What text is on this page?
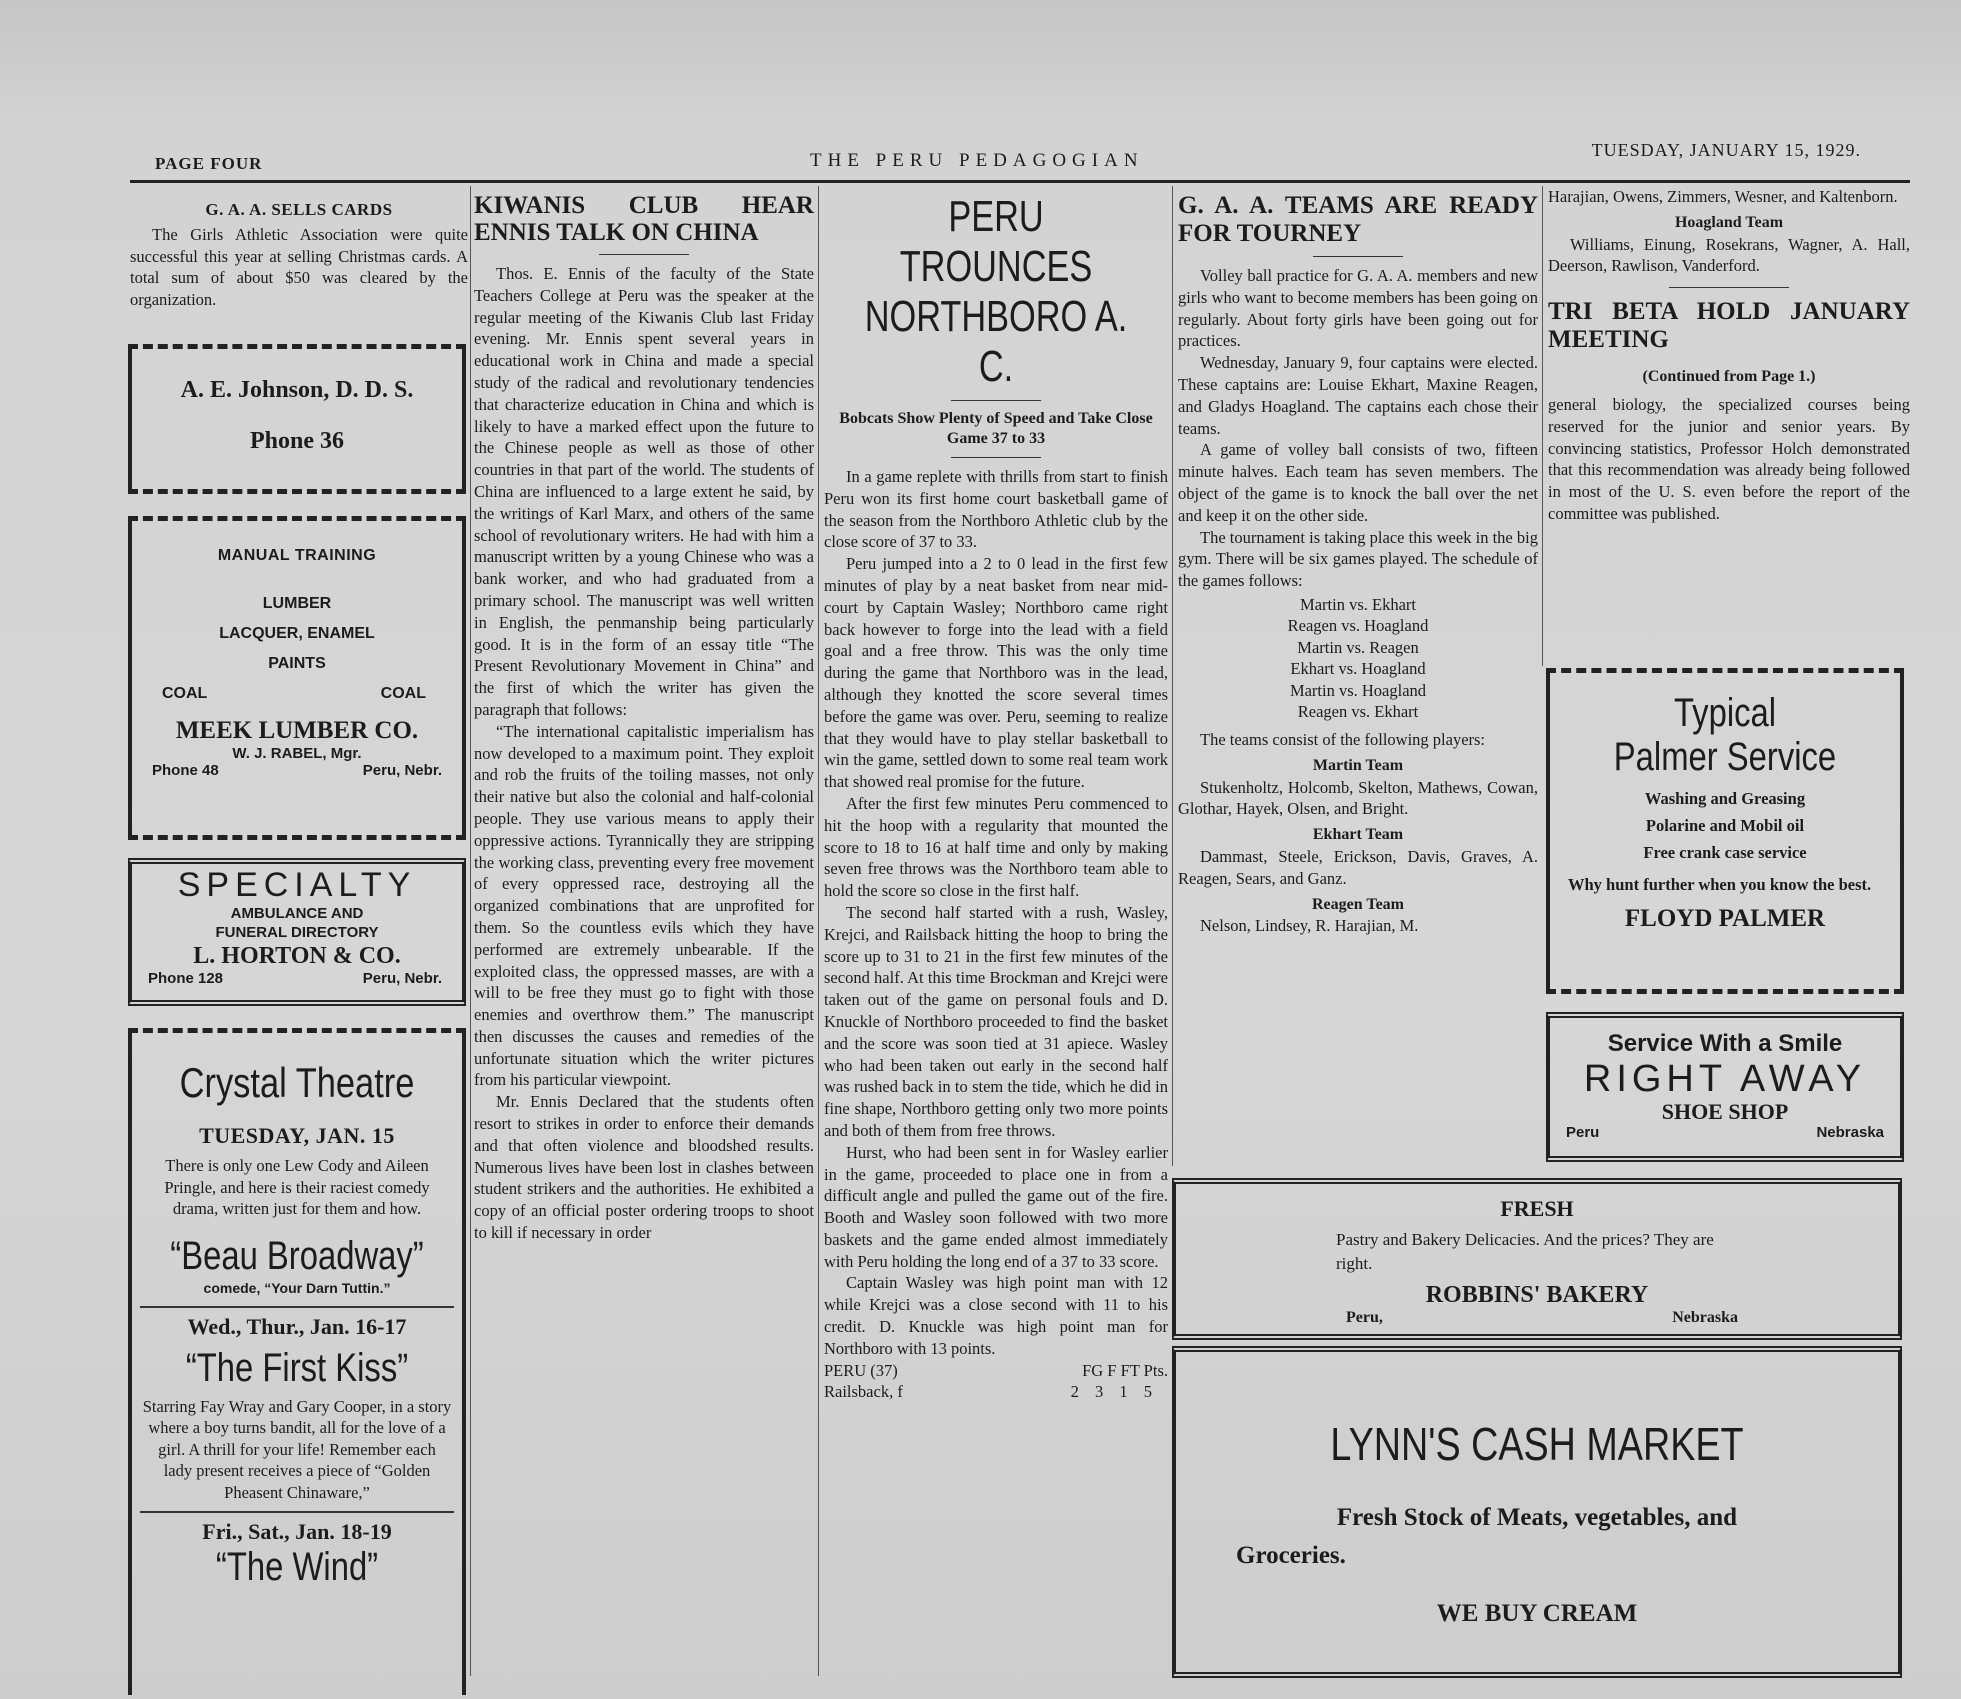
PAGE FOUR	THE PERU PEDAGOGIAN	TUESDAY, JANUARY 15, 1929.
G. A. A. SELLS CARDS

The Girls Athletic Association were quite successful this year at selling Christmas cards. A total sum of about $50 was cleared by the organization.

A. E. Johnson, D. D. S.
Phone 36
MANUAL TRAINING
LUMBER
LACQUER, ENAMEL
PAINTS
COAL	COAL
MEEK LUMBER CO.
W. J. RABEL, Mgr.
Phone 48	Peru, Nebr.
SPECIALTY
AMBULANCE AND
FUNERAL DIRECTORY
L. HORTON & CO.
Phone 128	Peru, Nebr.
Crystal Theatre
TUESDAY, JAN. 15
There is only one Lew Cody and Aileen Pringle, and here is their raciest comedy drama, written just for them and how.
“Beau Broadway”
comede, “Your Darn Tuttin.”
Wed., Thur., Jan. 16-17
“The First Kiss”
Starring Fay Wray and Gary Cooper, in a story where a boy turns bandit, all for the love of a girl. A thrill for your life! Remember each lady present receives a piece of “Golden Pheasent Chinaware,”
Fri., Sat., Jan. 18-19
“The Wind”
KIWANIS CLUB HEAR ENNIS TALK ON CHINA

Thos. E. Ennis of the faculty of the State Teachers College at Peru was the speaker at the regular meeting of the Kiwanis Club last Friday evening. Mr. Ennis spent several years in educational work in China and made a special study of the radical and revolutionary tendencies that characterize education in China and which is likely to have a marked effect upon the future to the Chinese people as well as those of other countries in that part of the world. The students of China are influenced to a large extent he said, by the writings of Karl Marx, and others of the same school of revolutionary writers. He had with him a manuscript written by a young Chinese who was a bank worker, and who had graduated from a primary school. The manuscript was well written in English, the penmanship being particularly good. It is in the form of an essay title “The Present Revolutionary Movement in China” and the first of which the writer has given the paragraph that follows:

“The international capitalistic imperialism has now developed to a maximum point. They exploit and rob the fruits of the toiling masses, not only their native but also the colonial and half-colonial people. They use various means to apply their oppressive actions. Tyrannically they are stripping the working class, preventing every free movement of every oppressed race, destroying all the organized combinations that are unprofited for them. So the countless evils which they have performed are extremely unbearable. If the exploited class, the oppressed masses, are with a will to be free they must go to fight with those enemies and overthrow them.” The manuscript then discusses the causes and remedies of the unfortunate situation which the writer pictures from his particular viewpoint.

Mr. Ennis Declared that the students often resort to strikes in order to enforce their demands and that often violence and bloodshed results. Numerous lives have been lost in clashes between student strikers and the authorities. He exhibited a copy of an official poster ordering troops to shoot to kill if necessary in order

PERU TROUNCES NORTHBORO A. C.
Bobcats Show Plenty of Speed and Take Close Game 37 to 33

In a game replete with thrills from start to finish Peru won its first home court basketball game of the season from the Northboro Athletic club by the close score of 37 to 33.

Peru jumped into a 2 to 0 lead in the first few minutes of play by a neat basket from near mid-court by Captain Wasley; Northboro came right back however to forge into the lead with a field goal and a free throw. This was the only time during the game that Northboro was in the lead, although they knotted the score several times before the game was over. Peru, seeming to realize that they would have to play stellar basketball to win the game, settled down to some real team work that showed real promise for the future.

After the first few minutes Peru commenced to hit the hoop with a regularity that mounted the score to 18 to 16 at half time and only by making seven free throws was the Northboro team able to hold the score so close in the first half.

The second half started with a rush, Wasley, Krejci, and Railsback hitting the hoop to bring the score up to 31 to 21 in the first few minutes of the second half. At this time Brockman and Krejci were taken out of the game on personal fouls and D. Knuckle of Northboro proceeded to find the basket and the score was soon tied at 31 apiece. Wasley who had been taken out early in the second half was rushed back in to stem the tide, which he did in fine shape, Northboro getting only two more points and both of them from free throws.

Hurst, who had been sent in for Wasley earlier in the game, proceeded to place one in from a difficult angle and pulled the game out of the fire. Booth and Wasley soon followed with two more baskets and the game ended almost immediately with Peru holding the long end of a 37 to 33 score.

Captain Wasley was high point man with 12 while Krejci was a close second with 11 to his credit. D. Knuckle was high point man for Northboro with 13 points.

PERU (37)	FG F FT Pts.
Railsback, f	2 3 1 5
G. A. A. TEAMS ARE READY FOR TOURNEY

Volley ball practice for G. A. A. members and new girls who want to become members has been going on regularly. About forty girls have been going out for practices.

Wednesday, January 9, four captains were elected. These captains are: Louise Ekhart, Maxine Reagen, and Gladys Hoagland. The captains each chose their teams.

A game of volley ball consists of two, fifteen minute halves. Each team has seven members. The object of the game is to knock the ball over the net and keep it on the other side.

The tournament is taking place this week in the big gym. There will be six games played. The schedule of the games follows:

Martin vs. Ekhart
Reagen vs. Hoagland
Martin vs. Reagen
Ekhart vs. Hoagland
Martin vs. Hoagland
Reagen vs. Ekhart

The teams consist of the following players:

Martin Team

Stukenholtz, Holcomb, Skelton, Mathews, Cowan, Glothar, Hayek, Olsen, and Bright.

Ekhart Team

Dammast, Steele, Erickson, Davis, Graves, A. Reagen, Sears, and Ganz.

Reagen Team

Nelson, Lindsey, R. Harajian, M.

Harajian, Owens, Zimmers, Wesner, and Kaltenborn.
Hoagland Team

Williams, Einung, Rosekrans, Wagner, A. Hall, Deerson, Rawlison, Vanderford.

TRI BETA HOLD JANUARY MEETING
(Continued from Page 1.)
general biology, the specialized courses being reserved for the junior and senior years. By convincing statistics, Professor Holch demonstrated that this recommendation was already being followed in most of the U. S. even before the report of the committee was published.
Typical
Palmer Service
Washing and Greasing
Polarine and Mobil oil
Free crank case service
Why hunt further when you know the best.
FLOYD PALMER
Service With a Smile
RIGHT AWAY
SHOE SHOP
Peru	Nebraska
FRESH
Pastry and Bakery Delicacies. And the prices? They are right.
ROBBINS' BAKERY
Peru,	Nebraska
LYNN'S CASH MARKET
Fresh Stock of Meats, vegetables, and
Groceries.
WE BUY CREAM
